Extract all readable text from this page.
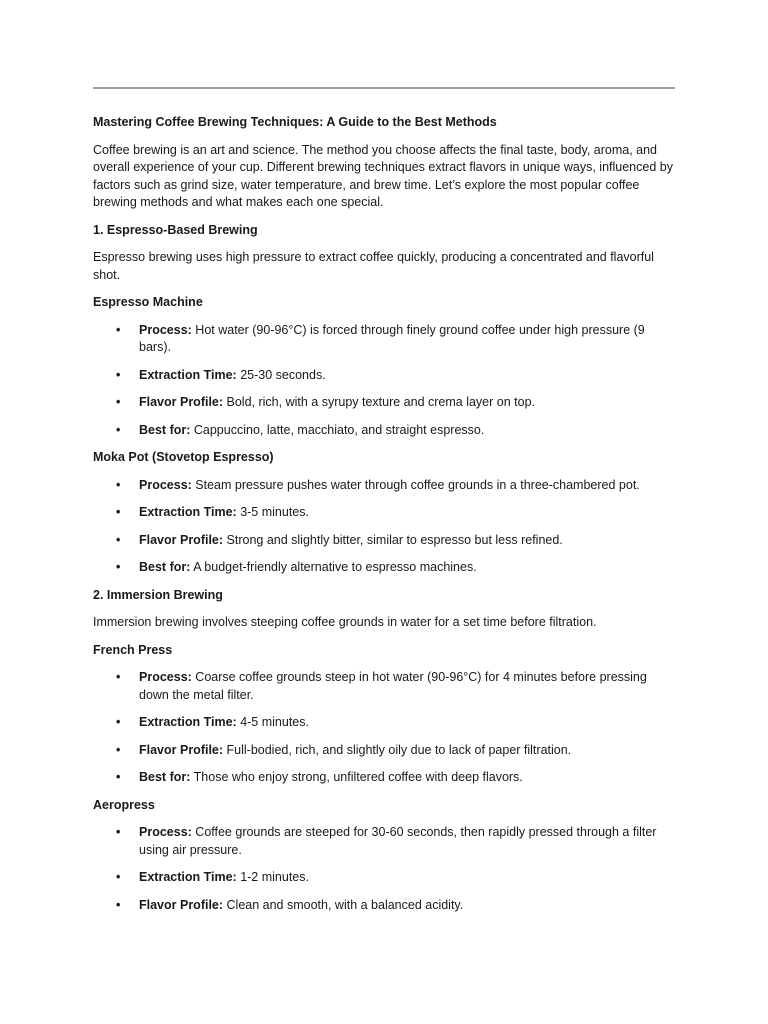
Mastering Coffee Brewing Techniques: A Guide to the Best Methods

Coffee brewing is an art and science. The method you choose affects the final taste, body, aroma, and overall experience of your cup. Different brewing techniques extract flavors in unique ways, influenced by factors such as grind size, water temperature, and brew time. Let’s explore the most popular coffee brewing methods and what makes each one special.

1. Espresso-Based Brewing

Espresso brewing uses high pressure to extract coffee quickly, producing a concentrated and flavorful shot.

Espresso Machine

• Process: Hot water (90-96°C) is forced through finely ground coffee under high pressure (9 bars).
• Extraction Time: 25-30 seconds.
• Flavor Profile: Bold, rich, with a syrupy texture and crema layer on top.
• Best for: Cappuccino, latte, macchiato, and straight espresso.

Moka Pot (Stovetop Espresso)

• Process: Steam pressure pushes water through coffee grounds in a three-chambered pot.
• Extraction Time: 3-5 minutes.
• Flavor Profile: Strong and slightly bitter, similar to espresso but less refined.
• Best for: A budget-friendly alternative to espresso machines.

2. Immersion Brewing

Immersion brewing involves steeping coffee grounds in water for a set time before filtration.

French Press

• Process: Coarse coffee grounds steep in hot water (90-96°C) for 4 minutes before pressing down the metal filter.
• Extraction Time: 4-5 minutes.
• Flavor Profile: Full-bodied, rich, and slightly oily due to lack of paper filtration.
• Best for: Those who enjoy strong, unfiltered coffee with deep flavors.

Aeropress

• Process: Coffee grounds are steeped for 30-60 seconds, then rapidly pressed through a filter using air pressure.
• Extraction Time: 1-2 minutes.
• Flavor Profile: Clean and smooth, with a balanced acidity.
